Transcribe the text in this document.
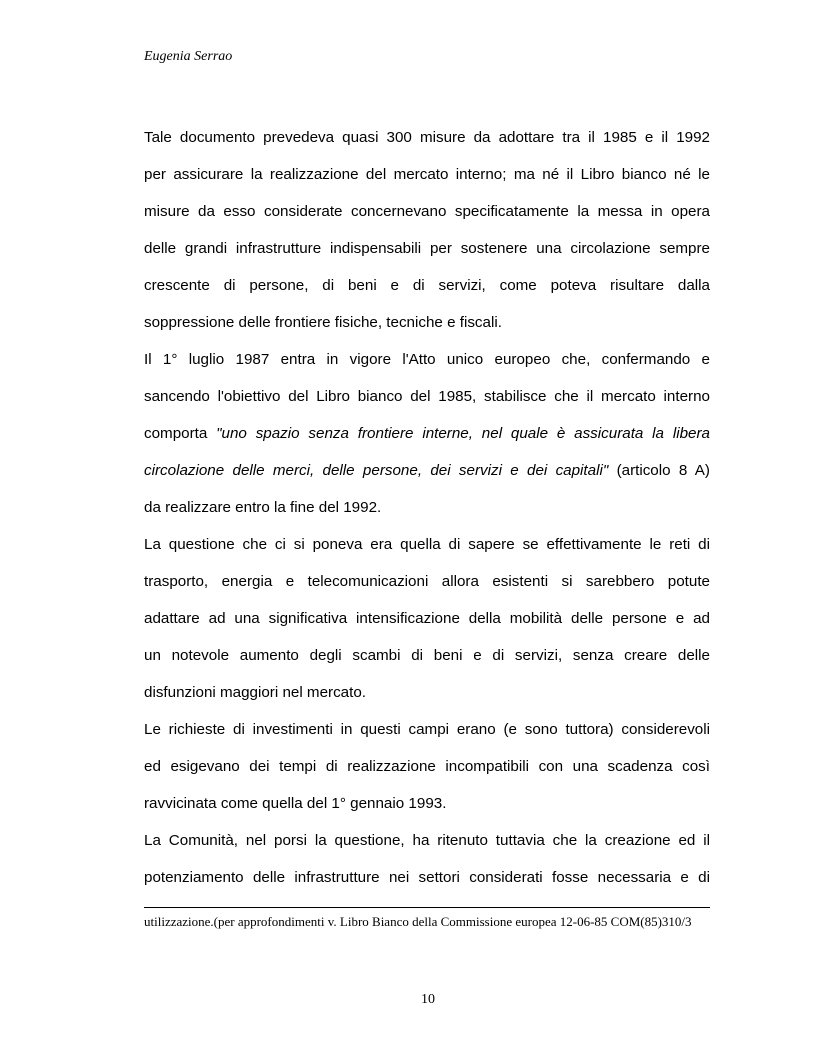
Eugenia Serrao
Tale documento prevedeva quasi 300 misure da adottare tra il 1985 e il 1992
per assicurare la realizzazione del mercato interno; ma né il Libro bianco né le
misure da esso considerate concernevano specificatamente la messa in opera
delle grandi infrastrutture indispensabili per sostenere una circolazione sempre
crescente di persone, di beni e di servizi, come poteva risultare dalla
soppressione delle frontiere fisiche, tecniche e fiscali.
Il 1° luglio 1987 entra in vigore l'Atto unico europeo che, confermando e
sancendo l'obiettivo del Libro bianco del 1985, stabilisce che il mercato interno
comporta "uno spazio senza frontiere interne, nel quale è assicurata la libera
circolazione delle merci, delle persone, dei servizi e dei capitali" (articolo 8 A)
da realizzare entro la fine del 1992.
La questione che ci si poneva era quella di sapere se effettivamente le reti di
trasporto, energia e telecomunicazioni allora esistenti si sarebbero potute
adattare ad una significativa intensificazione della mobilità delle persone e ad
un notevole aumento degli scambi di beni e di servizi, senza creare delle
disfunzioni maggiori nel mercato.
Le richieste di investimenti in questi campi erano (e sono tuttora) considerevoli
ed esigevano dei tempi di realizzazione incompatibili con una scadenza così
ravvicinata come quella del 1° gennaio 1993.
La Comunità, nel porsi la questione, ha ritenuto tuttavia che la creazione ed il
potenziamento delle infrastrutture nei settori considerati fosse necessaria e di
utilizzazione.(per approfondimenti v. Libro Bianco della Commissione europea 12-06-85 COM(85)310/3
10
